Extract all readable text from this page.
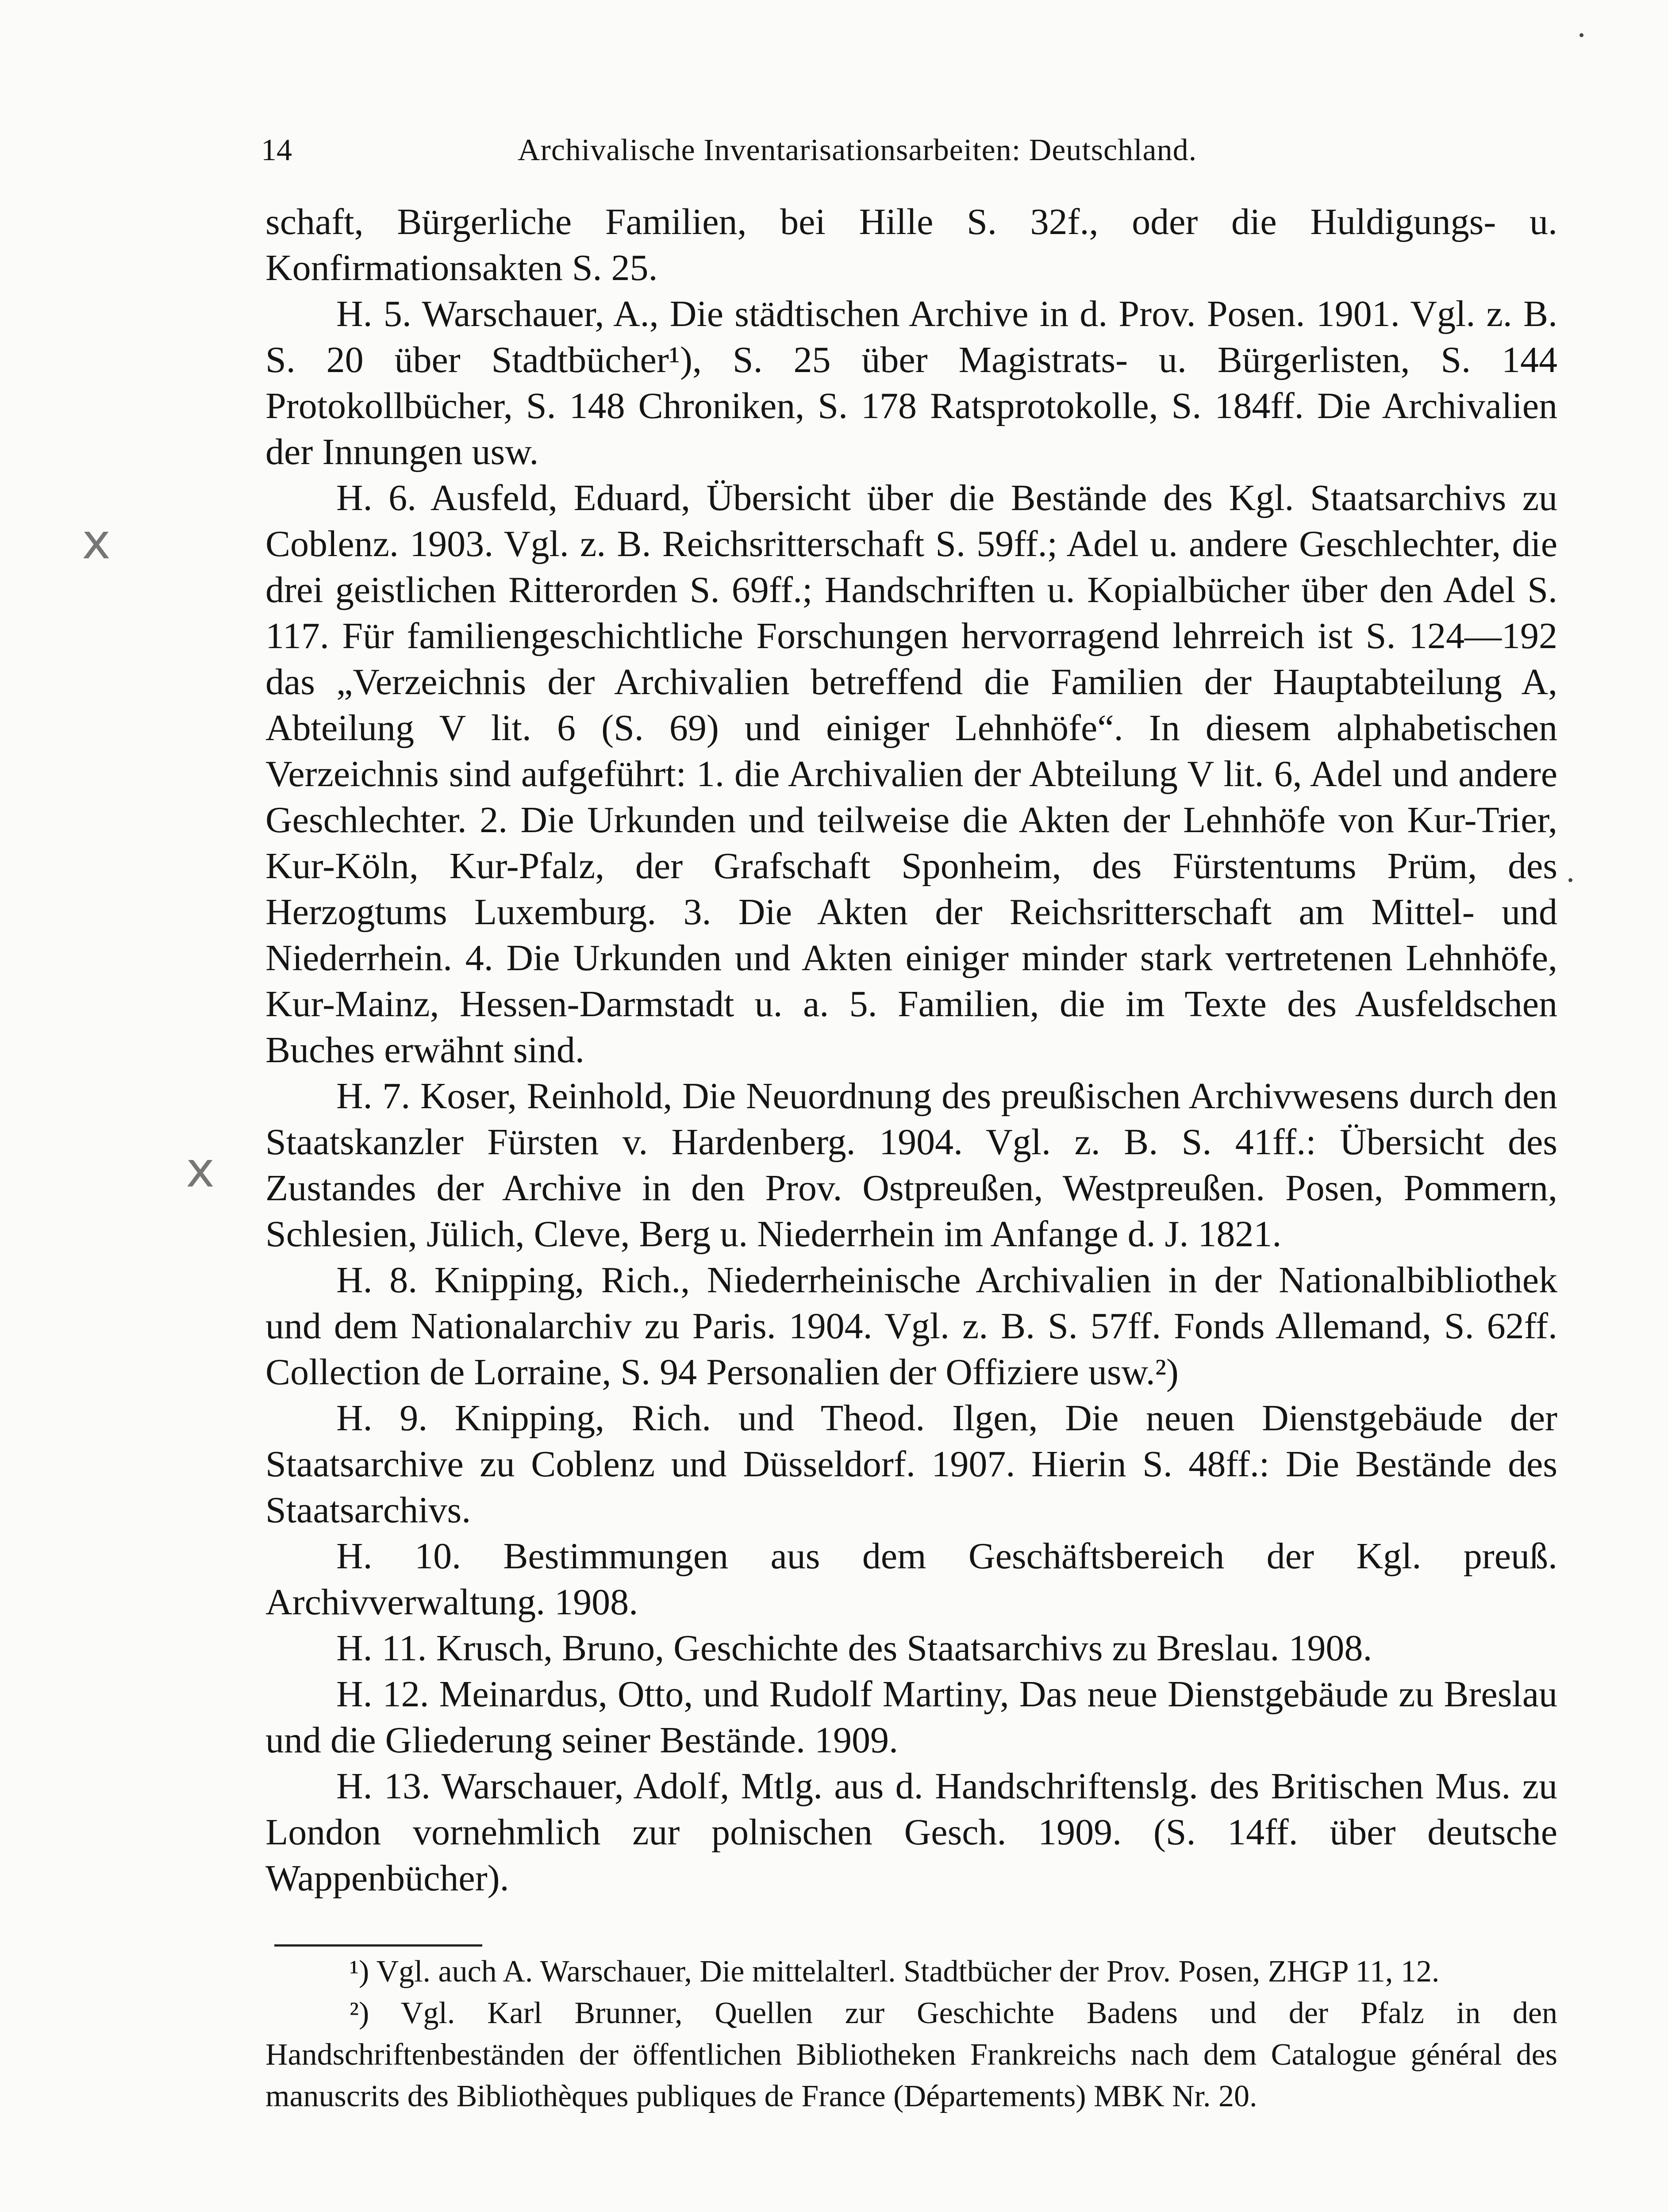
14	Archivalische Inventarisationsarbeiten: Deutschland.

schaft, Bürgerliche Familien, bei Hille S. 32f., oder die Huldigungs- u. Konfirmationsakten S. 25.

H. 5. Warschauer, A., Die städtischen Archive in d. Prov. Posen. 1901. Vgl. z. B. S. 20 über Stadtbücher¹), S. 25 über Magistrats- u. Bürgerlisten, S. 144 Protokollbücher, S. 148 Chroniken, S. 178 Ratsprotokolle, S. 184ff. Die Archivalien der Innungen usw.

H. 6. Ausfeld, Eduard, Übersicht über die Bestände des Kgl. Staatsarchivs zu Coblenz. 1903. Vgl. z. B. Reichsritterschaft S. 59ff.; Adel u. andere Geschlechter, die drei geistlichen Ritterorden S. 69ff.; Handschriften u. Kopialbücher über den Adel S. 117. Für familiengeschichtliche Forschungen hervorragend lehrreich ist S. 124—192 das „Verzeichnis der Archivalien betreffend die Familien der Hauptabteilung A, Abteilung V lit. 6 (S. 69) und einiger Lehnhöfe“. In diesem alphabetischen Verzeichnis sind aufgeführt: 1. die Archivalien der Abteilung V lit. 6, Adel und andere Geschlechter. 2. Die Urkunden und teilweise die Akten der Lehnhöfe von Kur-Trier, Kur-Köln, Kur-Pfalz, der Grafschaft Sponheim, des Fürstentums Prüm, des Herzogtums Luxemburg. 3. Die Akten der Reichsritterschaft am Mittel- und Niederrhein. 4. Die Urkunden und Akten einiger minder stark vertretenen Lehnhöfe, Kur-Mainz, Hessen-Darmstadt u. a. 5. Familien, die im Texte des Ausfeldschen Buches erwähnt sind.

H. 7. Koser, Reinhold, Die Neuordnung des preußischen Archivwesens durch den Staatskanzler Fürsten v. Hardenberg. 1904. Vgl. z. B. S. 41ff.: Übersicht des Zustandes der Archive in den Prov. Ostpreußen, Westpreußen. Posen, Pommern, Schlesien, Jülich, Cleve, Berg u. Niederrhein im Anfange d. J. 1821.

H. 8. Knipping, Rich., Niederrheinische Archivalien in der Nationalbibliothek und dem Nationalarchiv zu Paris. 1904. Vgl. z. B. S. 57ff. Fonds Allemand, S. 62ff. Collection de Lorraine, S. 94 Personalien der Offiziere usw.²)

H. 9. Knipping, Rich. und Theod. Ilgen, Die neuen Dienstgebäude der Staatsarchive zu Coblenz und Düsseldorf. 1907. Hierin S. 48ff.: Die Bestände des Staatsarchivs.

H. 10. Bestimmungen aus dem Geschäftsbereich der Kgl. preuß. Archivverwaltung. 1908.

H. 11. Krusch, Bruno, Geschichte des Staatsarchivs zu Breslau. 1908.

H. 12. Meinardus, Otto, und Rudolf Martiny, Das neue Dienstgebäude zu Breslau und die Gliederung seiner Bestände. 1909.

H. 13. Warschauer, Adolf, Mtlg. aus d. Handschriftenslg. des Britischen Mus. zu London vornehmlich zur polnischen Gesch. 1909. (S. 14ff. über deutsche Wappenbücher).

¹) Vgl. auch A. Warschauer, Die mittelalterl. Stadtbücher der Prov. Posen, ZHGP 11, 12.

²) Vgl. Karl Brunner, Quellen zur Geschichte Badens und der Pfalz in den Handschriftenbeständen der öffentlichen Bibliotheken Frankreichs nach dem Catalogue général des manuscrits des Bibliothèques publiques de France (Départements) MBK Nr. 20.

x
x
